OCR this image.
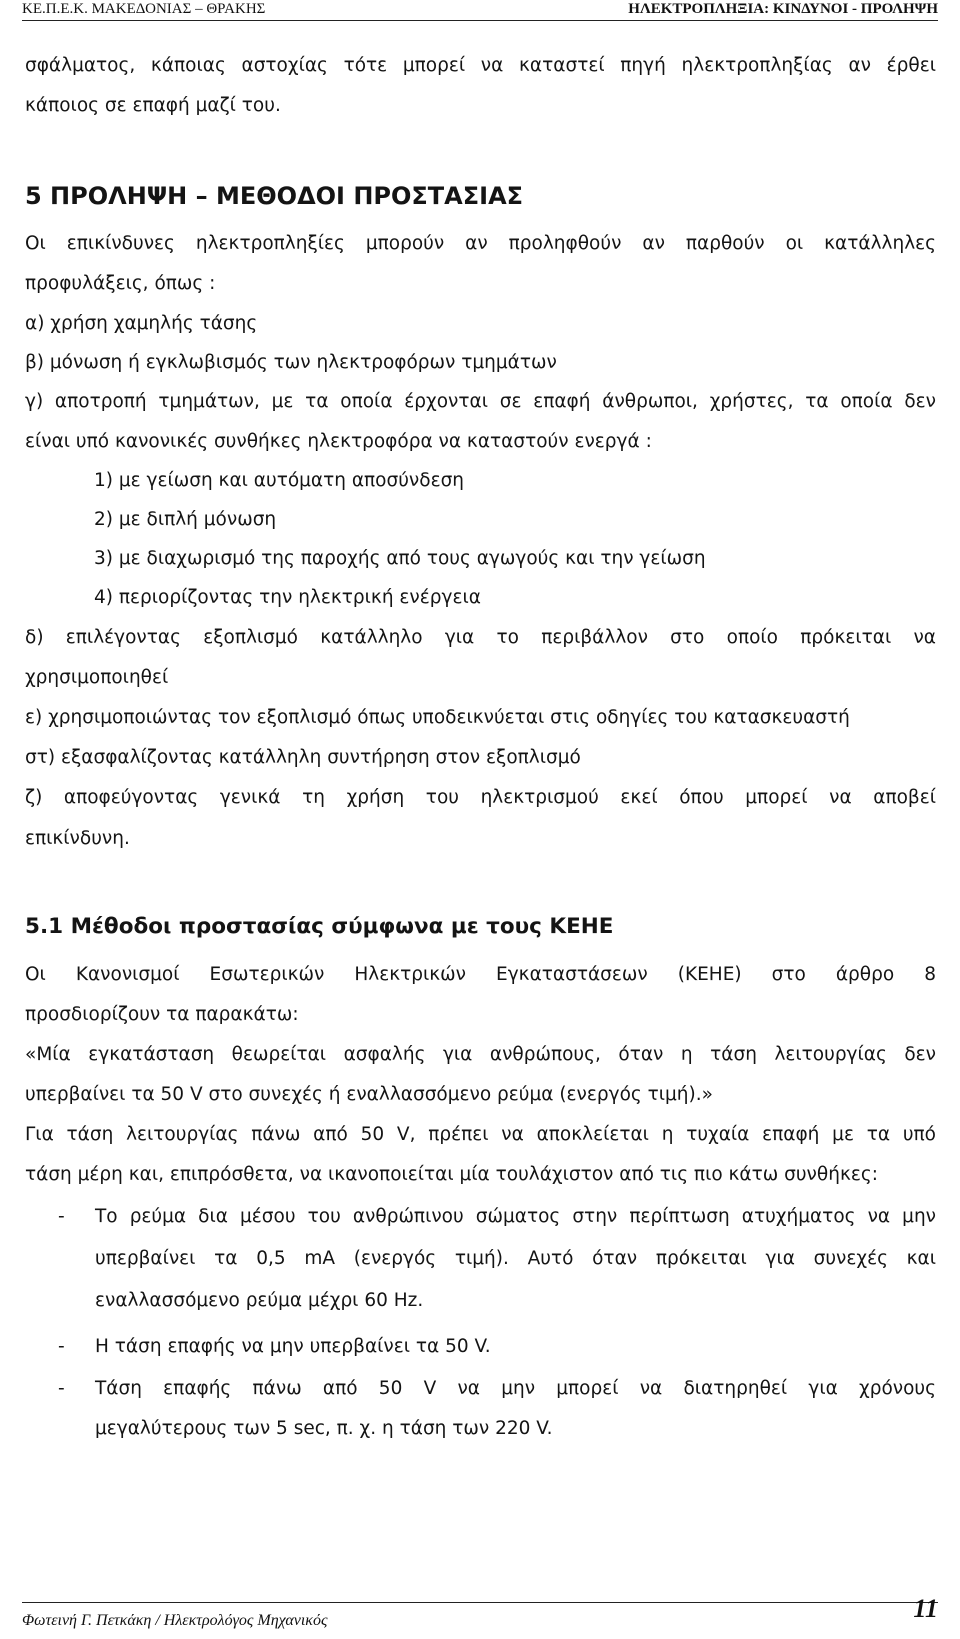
ΚΕ.Π.Ε.Κ. ΜΑΚΕΔΟΝΙΑΣ – ΘΡΑΚΗΣ	ΗΛΕΚΤΡΟΠΛΗΞΙΑ: ΚΙΝΔΥΝΟΙ - ΠΡΟΛΗΨΗ
σφάλματος, κάποιας αστοχίας τότε μπορεί να καταστεί πηγή ηλεκτροπληξίας αν έρθει
κάποιος σε επαφή μαζί του.
5 ΠΡΟΛΗΨΗ – ΜΕΘΟΔΟΙ ΠΡΟΣΤΑΣΙΑΣ
Οι επικίνδυνες ηλεκτροπληξίες μπορούν αν προληφθούν αν παρθούν οι κατάλληλες
προφυλάξεις, όπως :
α) χρήση χαμηλής τάσης
β) μόνωση ή εγκλωβισμός των ηλεκτροφόρων τμημάτων
γ) αποτροπή τμημάτων, με τα οποία έρχονται σε επαφή άνθρωποι, χρήστες, τα οποία δεν
είναι υπό κανονικές συνθήκες ηλεκτροφόρα να καταστούν ενεργά :
1) με γείωση και αυτόματη αποσύνδεση
2) με διπλή μόνωση
3) με διαχωρισμό της παροχής από τους αγωγούς και την γείωση
4) περιορίζοντας την ηλεκτρική ενέργεια
δ) επιλέγοντας εξοπλισμό κατάλληλο για το περιβάλλον στο οποίο πρόκειται να
χρησιμοποιηθεί
ε) χρησιμοποιώντας τον εξοπλισμό όπως υποδεικνύεται στις οδηγίες του κατασκευαστή
στ) εξασφαλίζοντας κατάλληλη συντήρηση στον εξοπλισμό
ζ) αποφεύγοντας γενικά τη χρήση του ηλεκτρισμού εκεί όπου μπορεί να αποβεί
επικίνδυνη.
5.1 Μέθοδοι προστασίας σύμφωνα με τους ΚΕΗΕ
Οι Κανονισμοί Εσωτερικών Ηλεκτρικών Εγκαταστάσεων (ΚΕΗΕ) στο άρθρο 8
προσδιορίζουν τα παρακάτω:
«Μία εγκατάσταση θεωρείται ασφαλής για ανθρώπους, όταν η τάση λειτουργίας δεν
υπερβαίνει τα 50 V στο συνεχές ή εναλλασσόμενο ρεύμα (ενεργός τιμή).»
Για τάση λειτουργίας πάνω από 50 V, πρέπει να αποκλείεται η τυχαία επαφή με τα υπό
τάση μέρη και, επιπρόσθετα, να ικανοποιείται μία τουλάχιστον από τις πιο κάτω συνθήκες:
- Το ρεύμα δια μέσου του ανθρώπινου σώματος στην περίπτωση ατυχήματος να μην
υπερβαίνει τα 0,5 mA (ενεργός τιμή). Αυτό όταν πρόκειται για συνεχές και
εναλλασσόμενο ρεύμα μέχρι 60 Hz.
- Η τάση επαφής να μην υπερβαίνει τα 50 V.
- Τάση επαφής πάνω από 50 V να μην μπορεί να διατηρηθεί για χρόνους
μεγαλύτερους των 5 sec, π. χ. η τάση των 220 V.
Φωτεινή Γ. Πετκάκη / Ηλεκτρολόγος Μηχανικός	11
